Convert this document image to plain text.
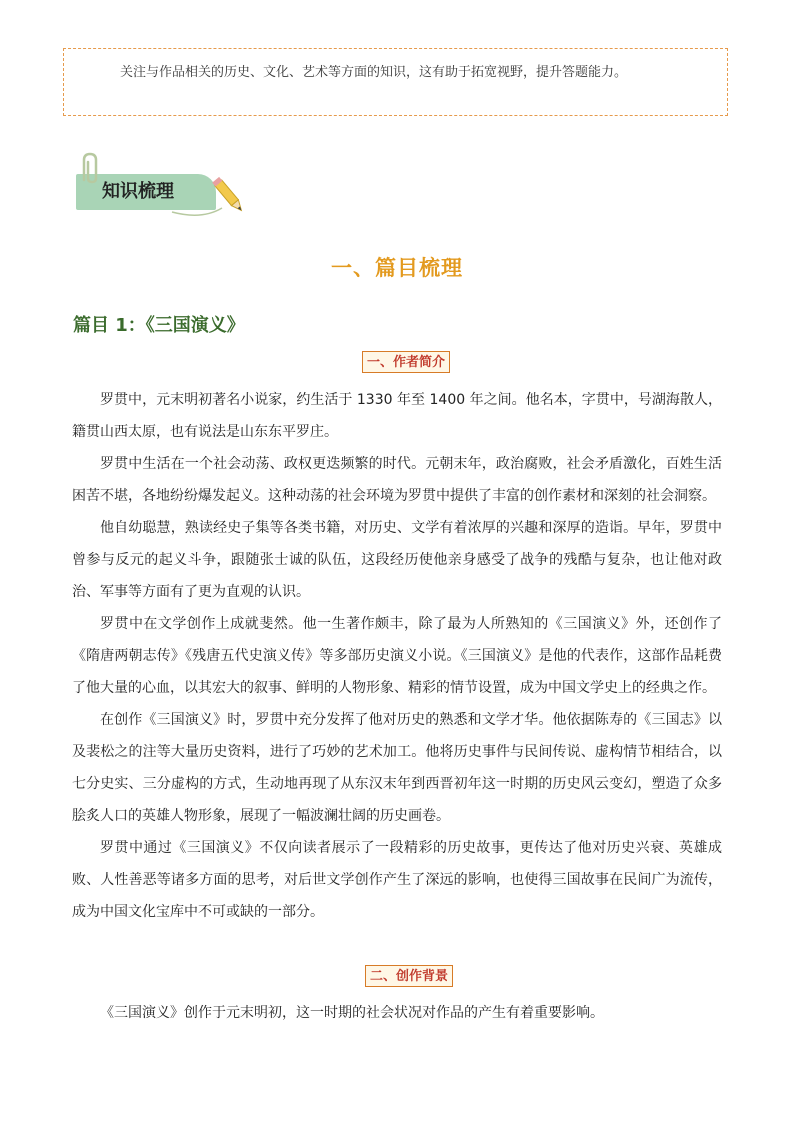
关注与作品相关的历史、文化、艺术等方面的知识，这有助于拓宽视野，提升答题能力。
知识梳理
一、篇目梳理
篇目 1：《三国演义》
一、作者简介

罗贯中，元末明初著名小说家，约生活于 1330 年至 1400 年之间。他名本，字贯中，号湖海散人，籍贯山西太原，也有说法是山东东平罗庄。

罗贯中生活在一个社会动荡、政权更迭频繁的时代。元朝末年，政治腐败，社会矛盾激化，百姓生活困苦不堪，各地纷纷爆发起义。这种动荡的社会环境为罗贯中提供了丰富的创作素材和深刻的社会洞察。

他自幼聪慧，熟读经史子集等各类书籍，对历史、文学有着浓厚的兴趣和深厚的造诣。早年，罗贯中曾参与反元的起义斗争，跟随张士诚的队伍，这段经历使他亲身感受了战争的残酷与复杂，也让他对政治、军事等方面有了更为直观的认识。

罗贯中在文学创作上成就斐然。他一生著作颇丰，除了最为人所熟知的《三国演义》外，还创作了《隋唐两朝志传》《残唐五代史演义传》等多部历史演义小说。《三国演义》是他的代表作，这部作品耗费了他大量的心血，以其宏大的叙事、鲜明的人物形象、精彩的情节设置，成为中国文学史上的经典之作。

在创作《三国演义》时，罗贯中充分发挥了他对历史的熟悉和文学才华。他依据陈寿的《三国志》以及裴松之的注等大量历史资料，进行了巧妙的艺术加工。他将历史事件与民间传说、虚构情节相结合，以七分史实、三分虚构的方式，生动地再现了从东汉末年到西晋初年这一时期的历史风云变幻，塑造了众多脍炙人口的英雄人物形象，展现了一幅波澜壮阔的历史画卷。

罗贯中通过《三国演义》不仅向读者展示了一段精彩的历史故事，更传达了他对历史兴衰、英雄成败、人性善恶等诸多方面的思考，对后世文学创作产生了深远的影响，也使得三国故事在民间广为流传，成为中国文化宝库中不可或缺的一部分。

二、创作背景

《三国演义》创作于元末明初，这一时期的社会状况对作品的产生有着重要影响。
